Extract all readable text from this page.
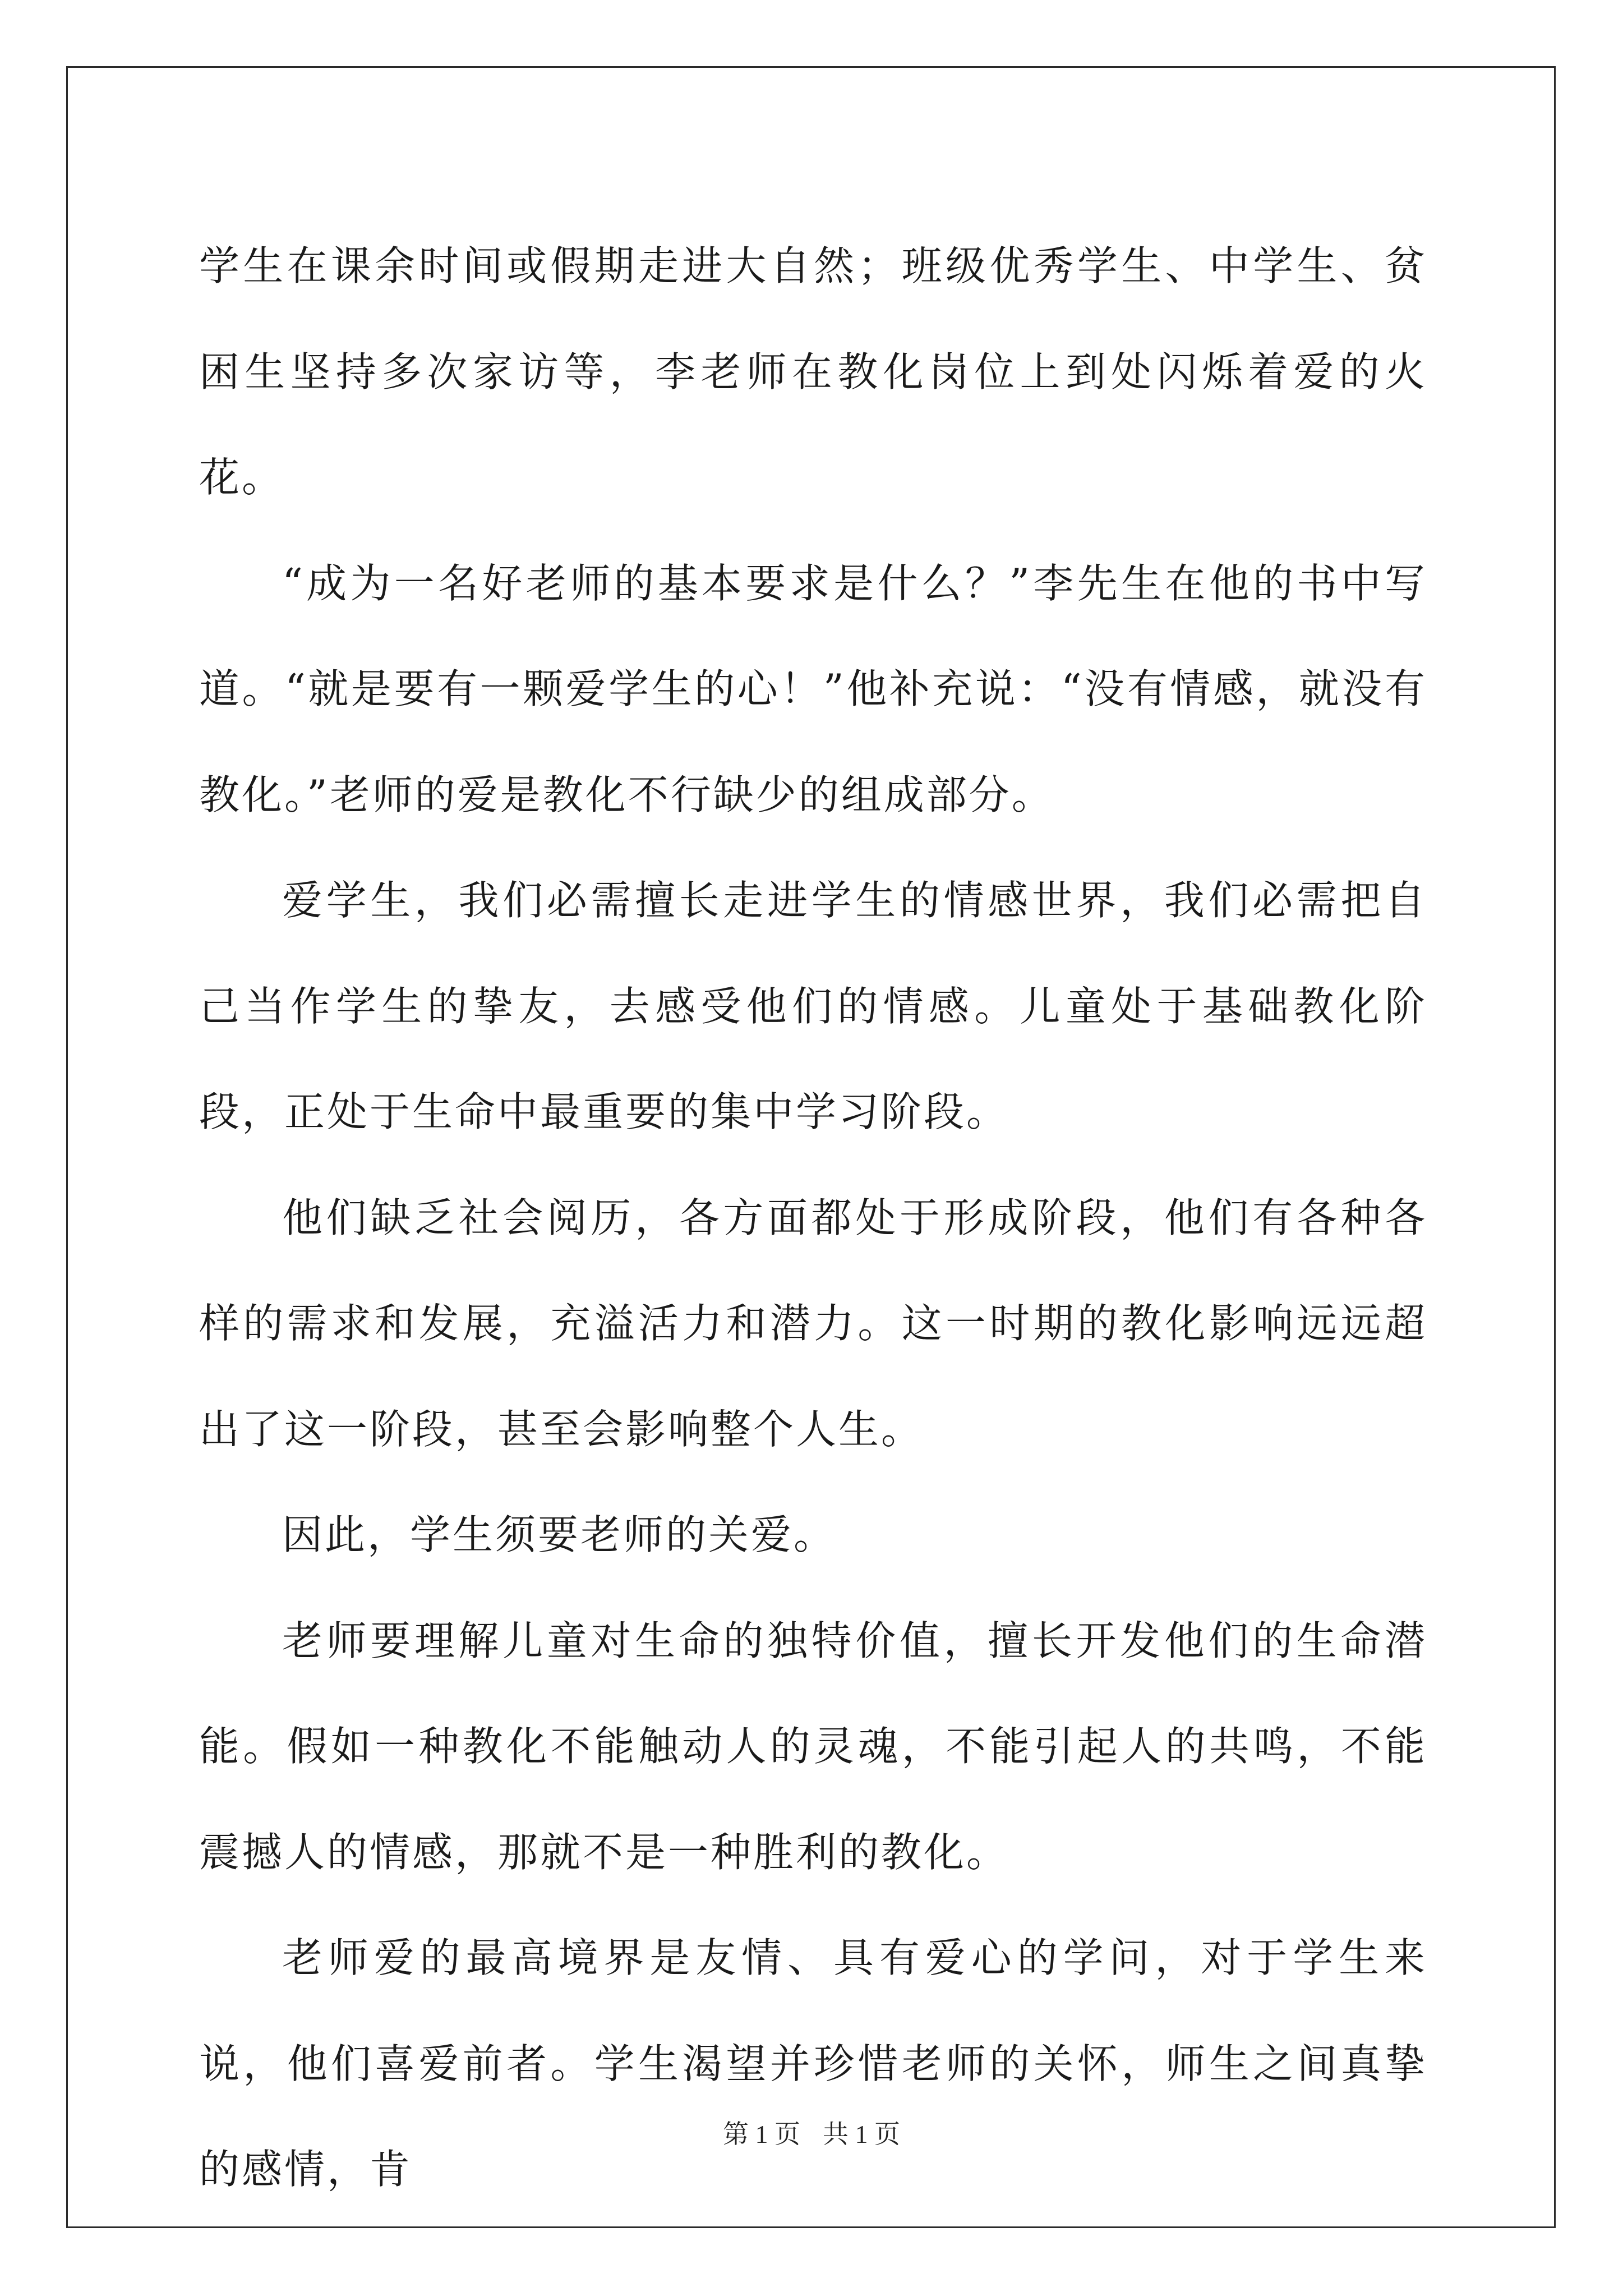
学生在课余时间或假期走进大自然；班级优秀学生、中学生、贫困生坚持多次家访等，李老师在教化岗位上到处闪烁着爱的火花。

“成为一名好老师的基本要求是什么？”李先生在他的书中写道。“就是要有一颗爱学生的心！”他补充说：“没有情感，就没有教化。”老师的爱是教化不行缺少的组成部分。

爱学生，我们必需擅长走进学生的情感世界，我们必需把自己当作学生的挚友，去感受他们的情感。儿童处于基础教化阶段，正处于生命中最重要的集中学习阶段。

他们缺乏社会阅历，各方面都处于形成阶段，他们有各种各样的需求和发展，充溢活力和潜力。这一时期的教化影响远远超出了这一阶段，甚至会影响整个人生。

因此，学生须要老师的关爱。

老师要理解儿童对生命的独特价值，擅长开发他们的生命潜能。假如一种教化不能触动人的灵魂，不能引起人的共鸣，不能震撼人的情感，那就不是一种胜利的教化。

老师爱的最高境界是友情、具有爱心的学问，对于学生来说，他们喜爱前者。学生渴望并珍惜老师的关怀，师生之间真挚的感情，肯

第 1 页 共 1 页
